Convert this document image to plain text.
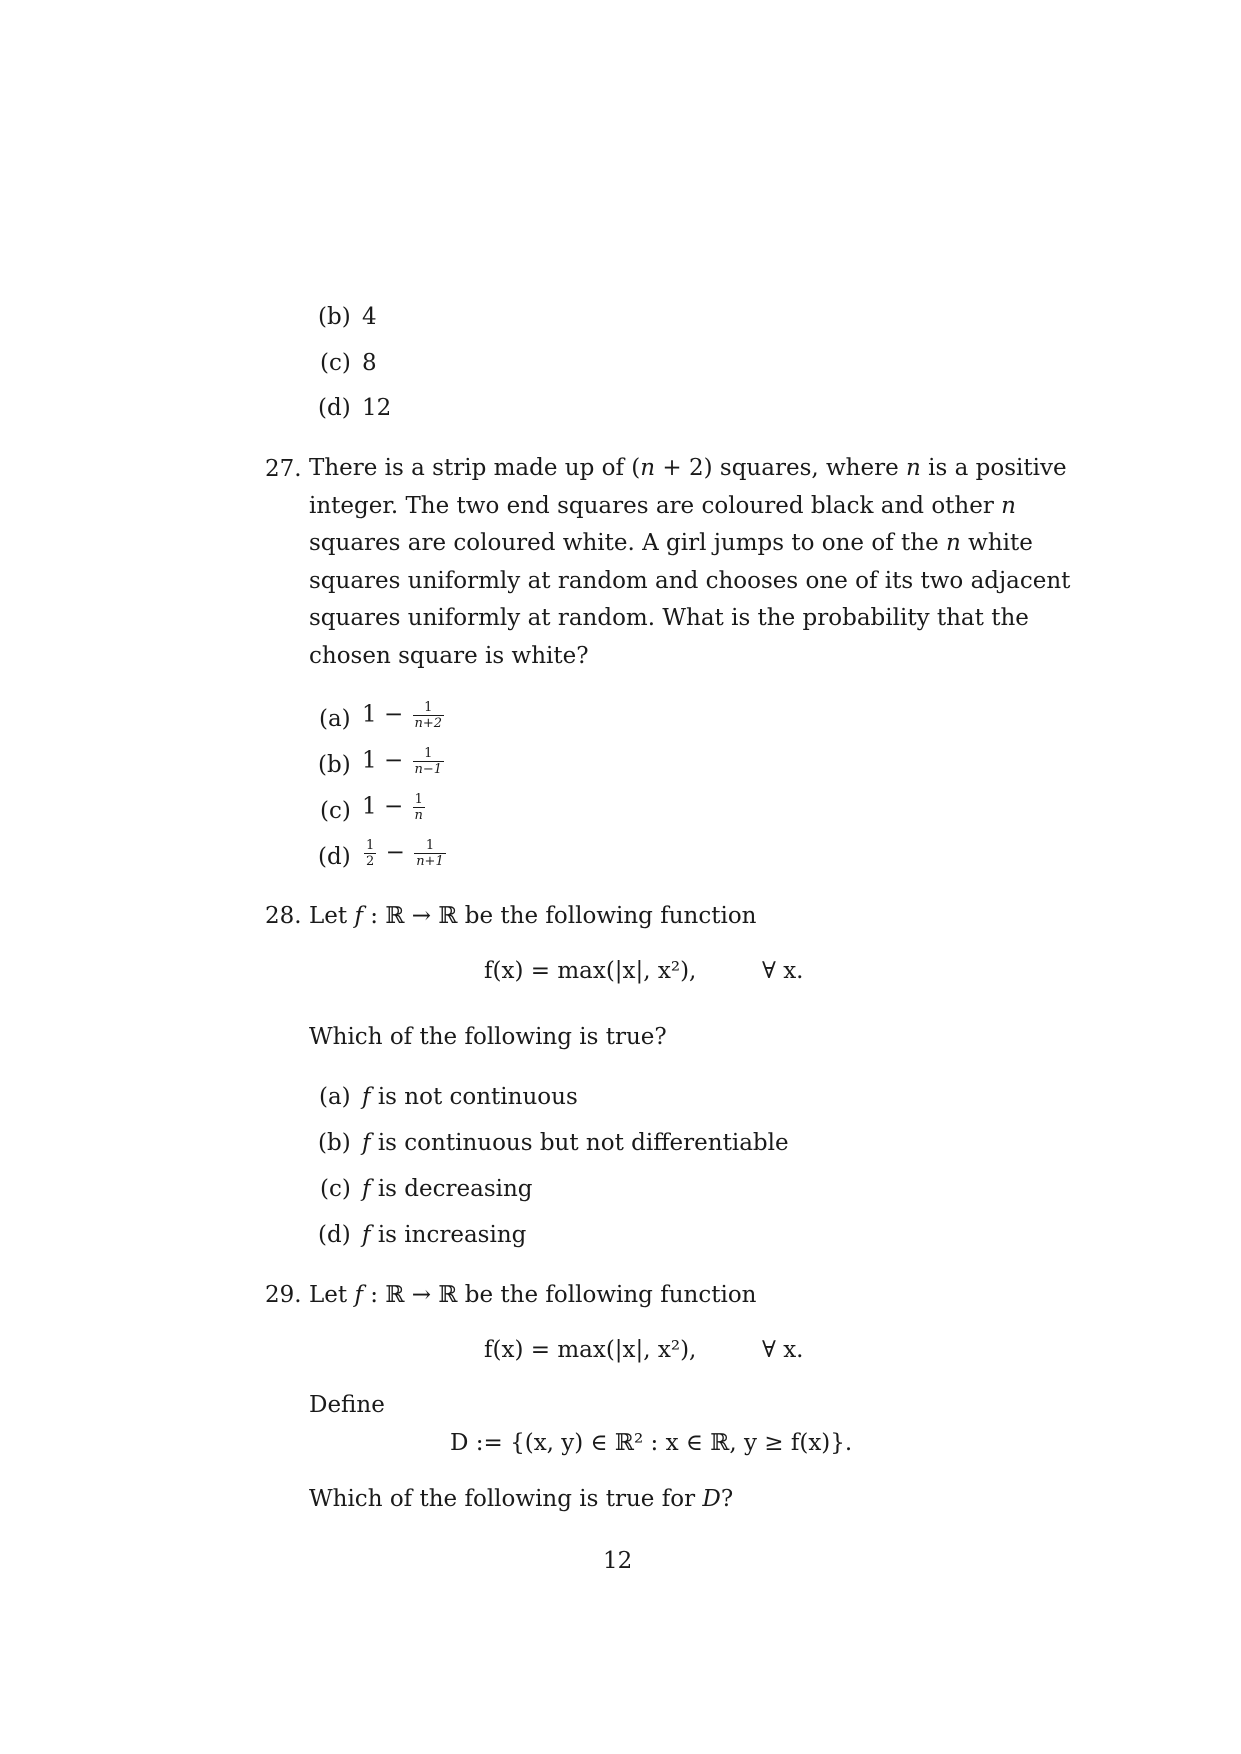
(b) 4
(c) 8
(d) 12
27. There is a strip made up of (n + 2) squares, where n is a positive
integer. The two end squares are coloured black and other n
squares are coloured white. A girl jumps to one of the n white
squares uniformly at random and chooses one of its two adjacent
squares uniformly at random. What is the probability that the
chosen square is white?
(a) $1 - \frac{1}{n+2}$
(b) $1 - \frac{1}{n-1}$
(c) $1 - \frac{1}{n}$
$(d) \frac{1}{2} - \frac{1}{n+1}$
28. Let f : ℝ → ℝ be the following function
f(x) = max(|x|, x²),	∀ x.
Which of the following is true?
(a) f is not continuous
(b) f is continuous but not differentiable
(c) f is decreasing
(d) f is increasing
29. Let f : ℝ → ℝ be the following function
f(x) = max(|x|, x²),	∀ x.
Define
D := {(x, y) ∈ ℝ² : x ∈ ℝ, y ≥ f(x)}.
Which of the following is true for D?
12
